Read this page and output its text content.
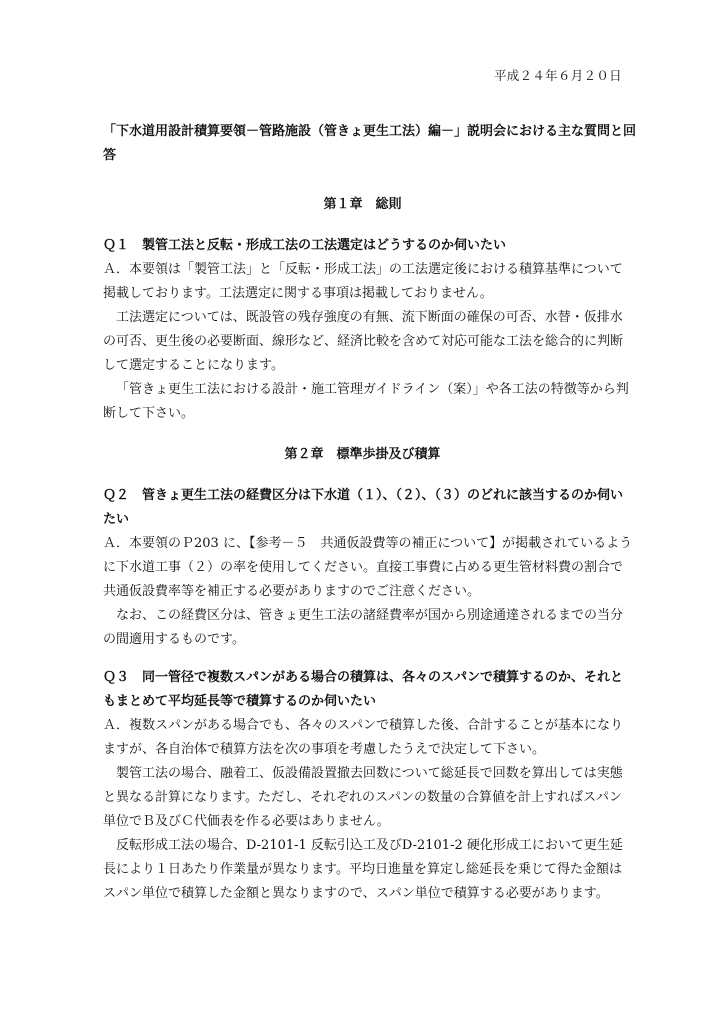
平成２４年６月２０日
「下水道用設計積算要領－管路施設（管きょ更生工法）編－」説明会における主な質問と回答
第１章　総則
Ｑ１　製管工法と反転・形成工法の工法選定はどうするのか伺いたい

Ａ．本要領は「製管工法」と「反転・形成工法」の工法選定後における積算基準について掲載しております。工法選定に関する事項は掲載しておりません。

工法選定については、既設管の残存強度の有無、流下断面の確保の可否、水替・仮排水の可否、更生後の必要断面、線形など、経済比較を含めて対応可能な工法を総合的に判断して選定することになります。

「管きょ更生工法における設計・施工管理ガイドライン（案）」や各工法の特徴等から判断して下さい。

第２章　標準歩掛及び積算
Ｑ２　管きょ更生工法の経費区分は下水道（１）、（２）、（３）のどれに該当するのか伺いたい

Ａ．本要領のＰ203 に、【参考－５　共通仮設費等の補正について】が掲載されているように下水道工事（２）の率を使用してください。直接工事費に占める更生管材料費の割合で共通仮設費率等を補正する必要がありますのでご注意ください。

なお、この経費区分は、管きょ更生工法の諸経費率が国から別途通達されるまでの当分の間適用するものです。

Ｑ３　同一管径で複数スパンがある場合の積算は、各々のスパンで積算するのか、それともまとめて平均延長等で積算するのか伺いたい

Ａ．複数スパンがある場合でも、各々のスパンで積算した後、合計することが基本になりますが、各自治体で積算方法を次の事項を考慮したうえで決定して下さい。

製管工法の場合、融着工、仮設備設置撤去回数について総延長で回数を算出しては実態と異なる計算になります。ただし、それぞれのスパンの数量の合算値を計上すればスパン単位でＢ及びＣ代価表を作る必要はありません。

反転形成工法の場合、D-2101-1 反転引込工及びD-2101-2 硬化形成工において更生延長により１日あたり作業量が異なります。平均日進量を算定し総延長を乗じて得た金額はスパン単位で積算した金額と異なりますので、スパン単位で積算する必要があります。
